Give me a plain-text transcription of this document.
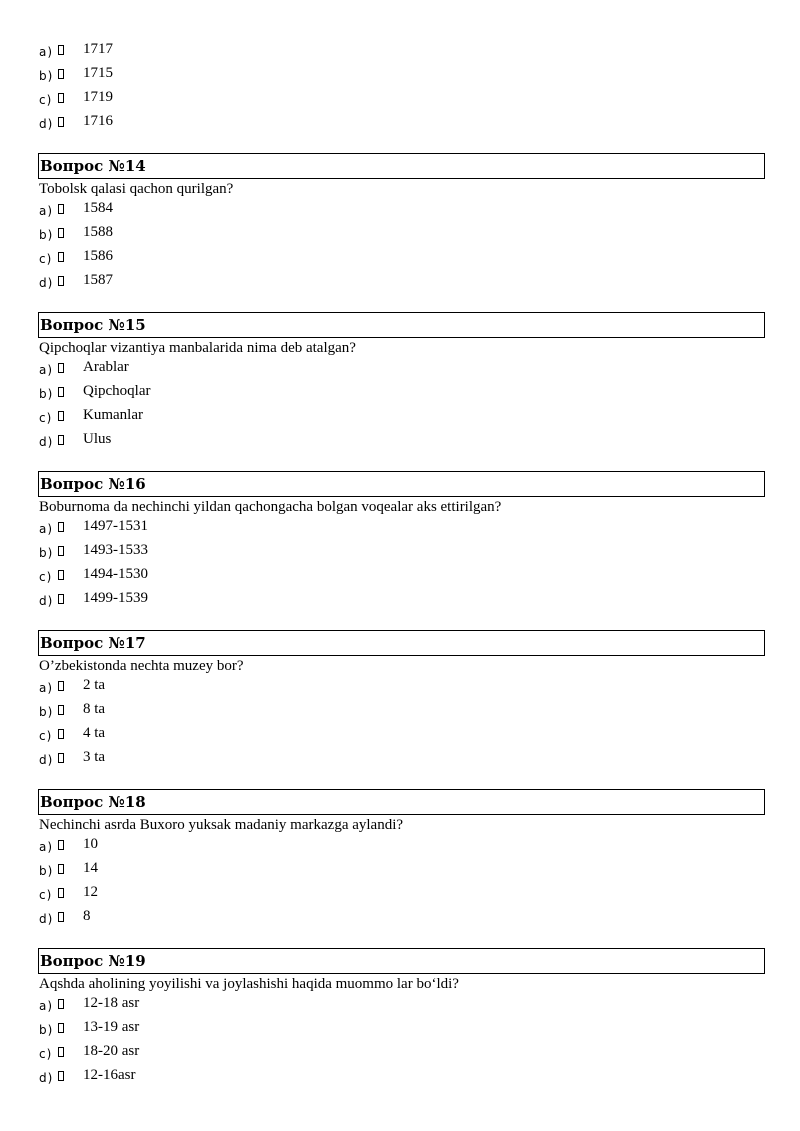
a) 1717
b) 1715
c) 1719
d) 1716
Вопрос №14
Tobolsk qalasi qachon qurilgan?
a) 1584
b) 1588
c) 1586
d) 1587
Вопрос №15
Qipchoqlar vizantiya manbalarida nima deb atalgan?
a) Arablar
b) Qipchoqlar
c) Kumanlar
d) Ulus
Вопрос №16
Boburnoma da nechinchi yildan qachongacha bolgan voqealar aks ettirilgan?
a) 1497-1531
b) 1493-1533
c) 1494-1530
d) 1499-1539
Вопрос №17
O’zbekistonda nechta muzey bor?
a) 2 ta
b) 8 ta
c) 4 ta
d) 3 ta
Вопрос №18
Nechinchi asrda Buxoro yuksak madaniy markazga aylandi?
a) 10
b) 14
c) 12
d) 8
Вопрос №19
Aqshda aholining yoyilishi va joylashishi haqida muommo lar bo‘ldi?
a) 12-18 asr
b) 13-19 asr
c) 18-20 asr
d) 12-16asr
